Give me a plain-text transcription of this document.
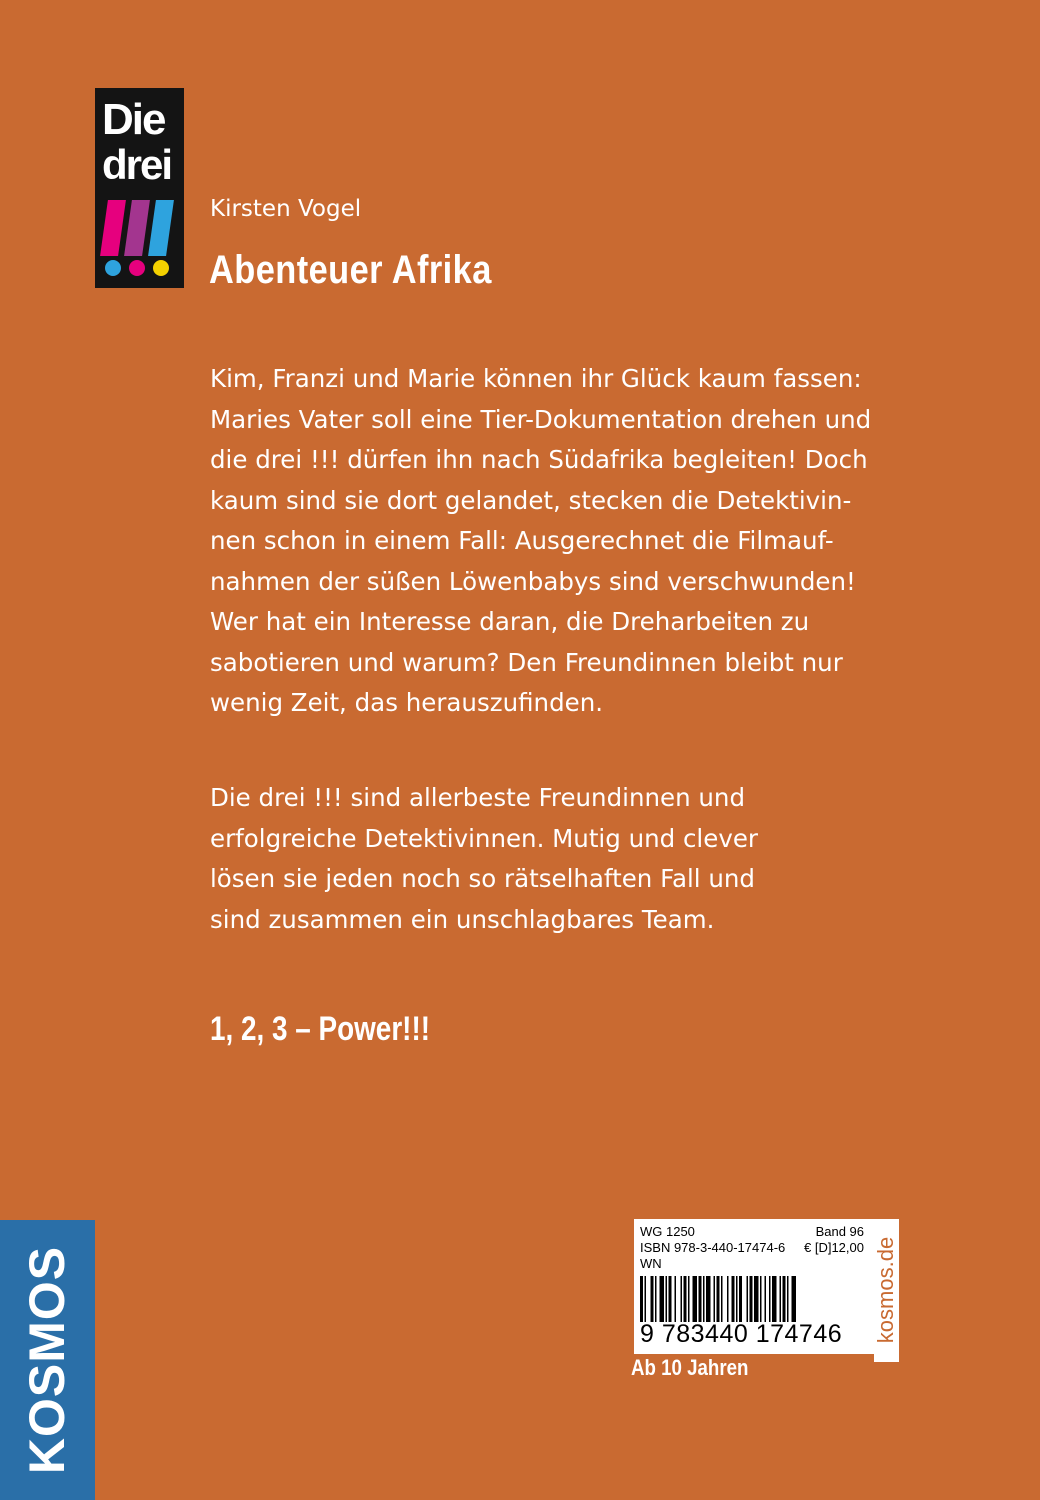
Die
drei
Kirsten Vogel
Abenteuer Afrika
Kim, Franzi und Marie können ihr Glück kaum fassen:
Maries Vater soll eine Tier-Dokumentation drehen und
die drei !!! dürfen ihn nach Südafrika begleiten! Doch
kaum sind sie dort gelandet, stecken die Detektivin-
nen schon in einem Fall: Ausgerechnet die Filmauf-
nahmen der süßen Löwenbabys sind verschwunden!
Wer hat ein Interesse daran, die Dreharbeiten zu
sabotieren und warum? Den Freundinnen bleibt nur
wenig Zeit, das herauszufinden.
Die drei !!! sind allerbeste Freundinnen und
erfolgreiche Detektivinnen. Mutig und clever
lösen sie jeden noch so rätselhaften Fall und
sind zusammen ein unschlagbares Team.
1, 2, 3 – Power!!!
KOSMOS
WG 1250	Band 96
ISBN 978-3-440-17474-6 € [D]12,00
WN
9 783440 174746	kosmos.de
Ab 10 Jahren
